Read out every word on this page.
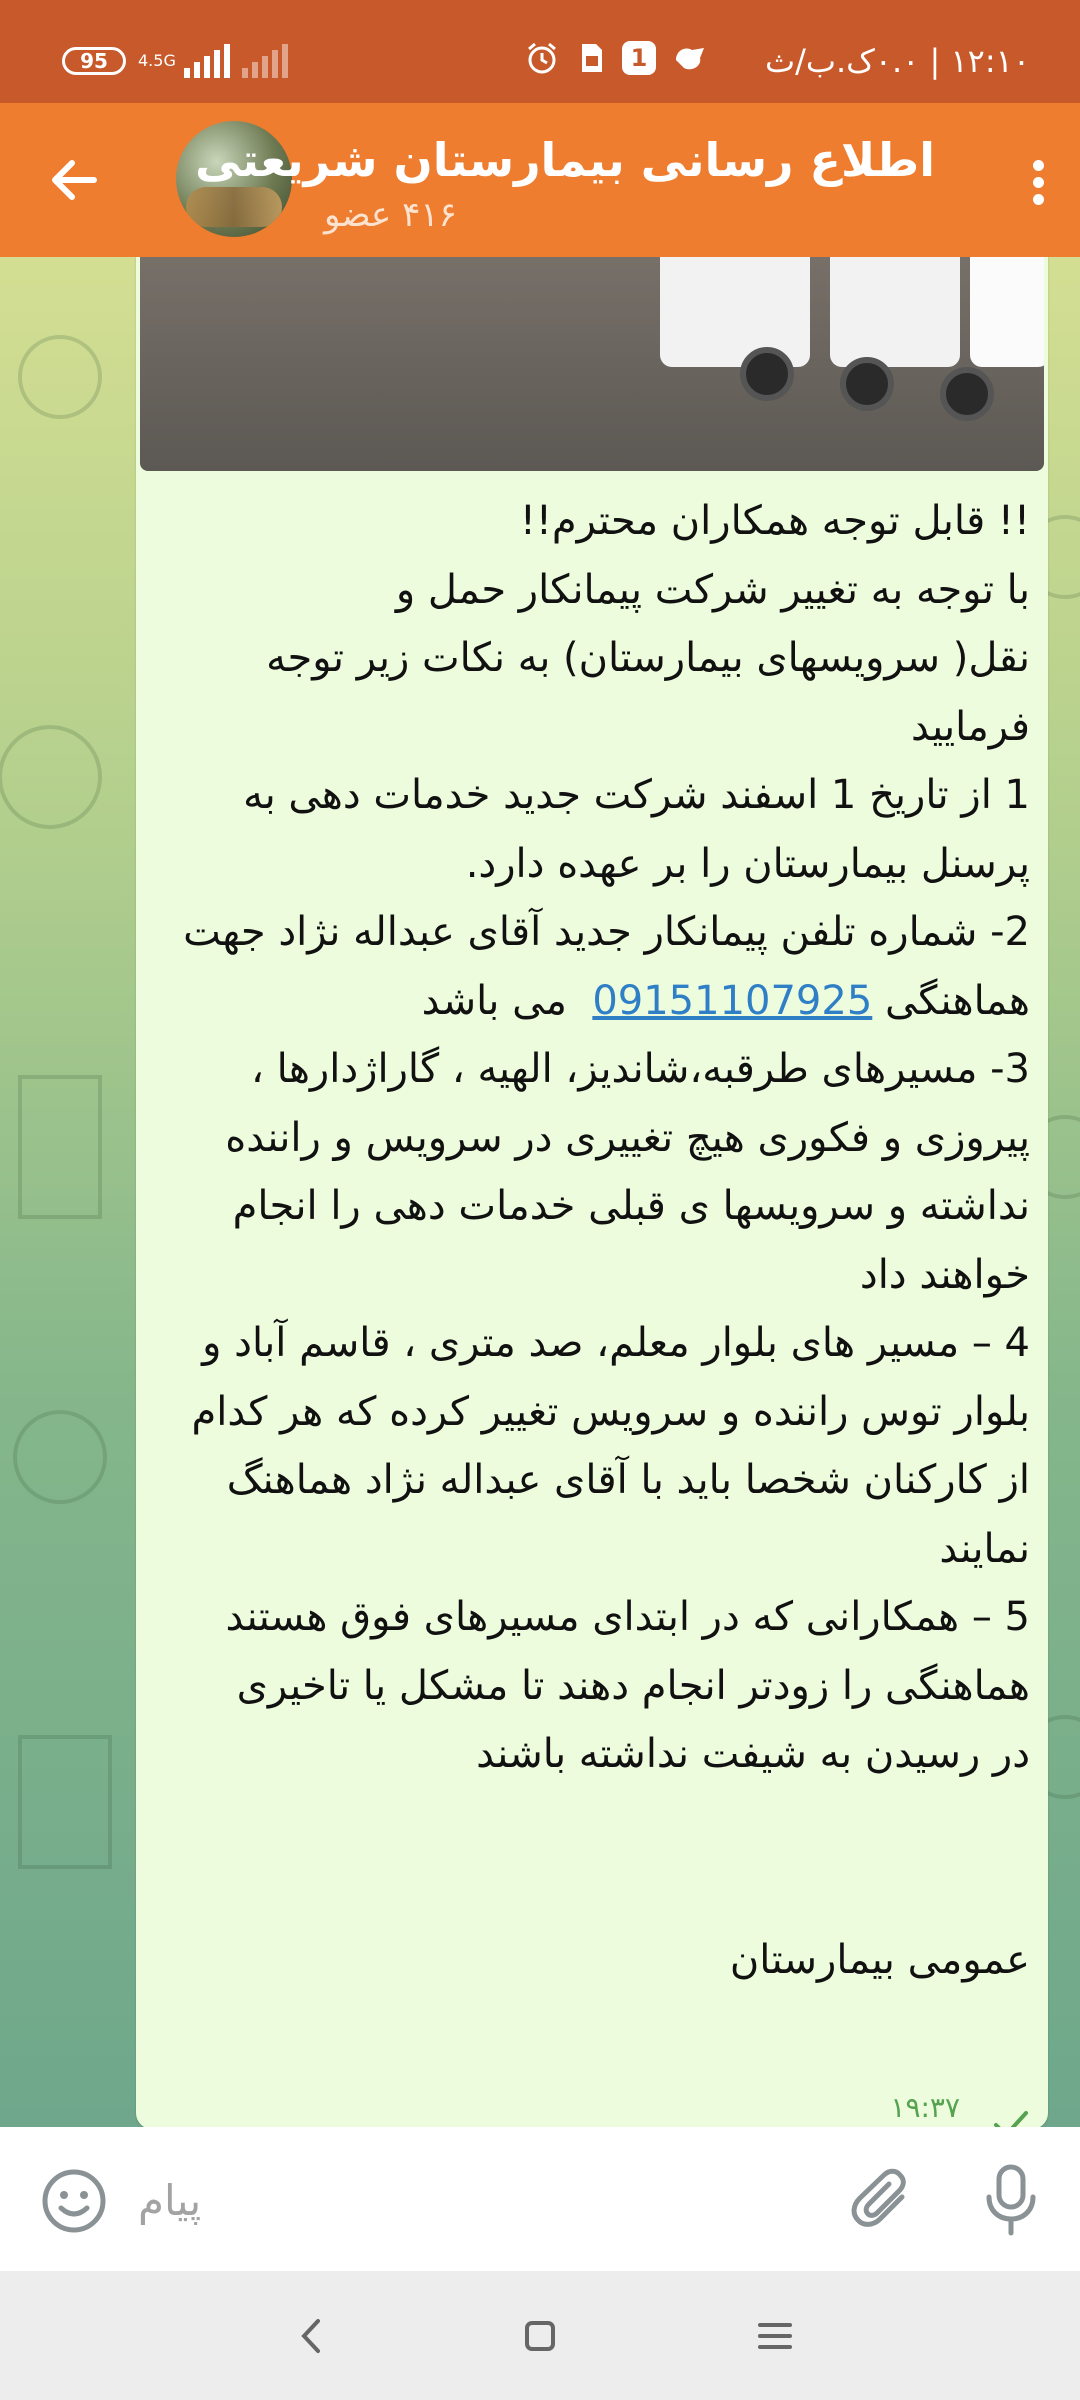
95 4.5G	1	۱۲:۱۰ | ۰.۰ک.ب/ث
اطلاع رسانی بیمارستان شریعتی
۴۱۶ عضو
!! قابل توجه همکاران محترم!!
با توجه به تغییر شرکت پیمانکار حمل و
نقل( سرویسهای بیمارستان) به نکات زیر توجه
فرمایید
1 از تاریخ 1 اسفند شرکت جدید خدمات دهی به
پرسنل بیمارستان را بر عهده دارد.
2- شماره تلفن پیمانکار جدید آقای عبداله نژاد جهت
هماهنگی 09151107925  می باشد
3- مسیرهای طرقبه،شاندیز، الهیه ، گاراژدارها ،
پیروزی و فکوری هیچ تغییری در سرویس و راننده
نداشته و سرویسها ی قبلی خدمات دهی را انجام
خواهند داد
4 – مسیر های بلوار معلم، صد متری ، قاسم آباد و
بلوار توس راننده و سرویس تغییر کرده که هر کدام
از کارکنان شخصا باید با آقای عبداله نژاد هماهنگ
نمایند
5 – همکارانی که در ابتدای مسیرهای فوق هستند
هماهنگی را زودتر انجام دهند تا مشکل یا تاخیری
در رسیدن به شیفت نداشته باشند

عمومی بیمارستان
۱۹:۳۷
پیام
